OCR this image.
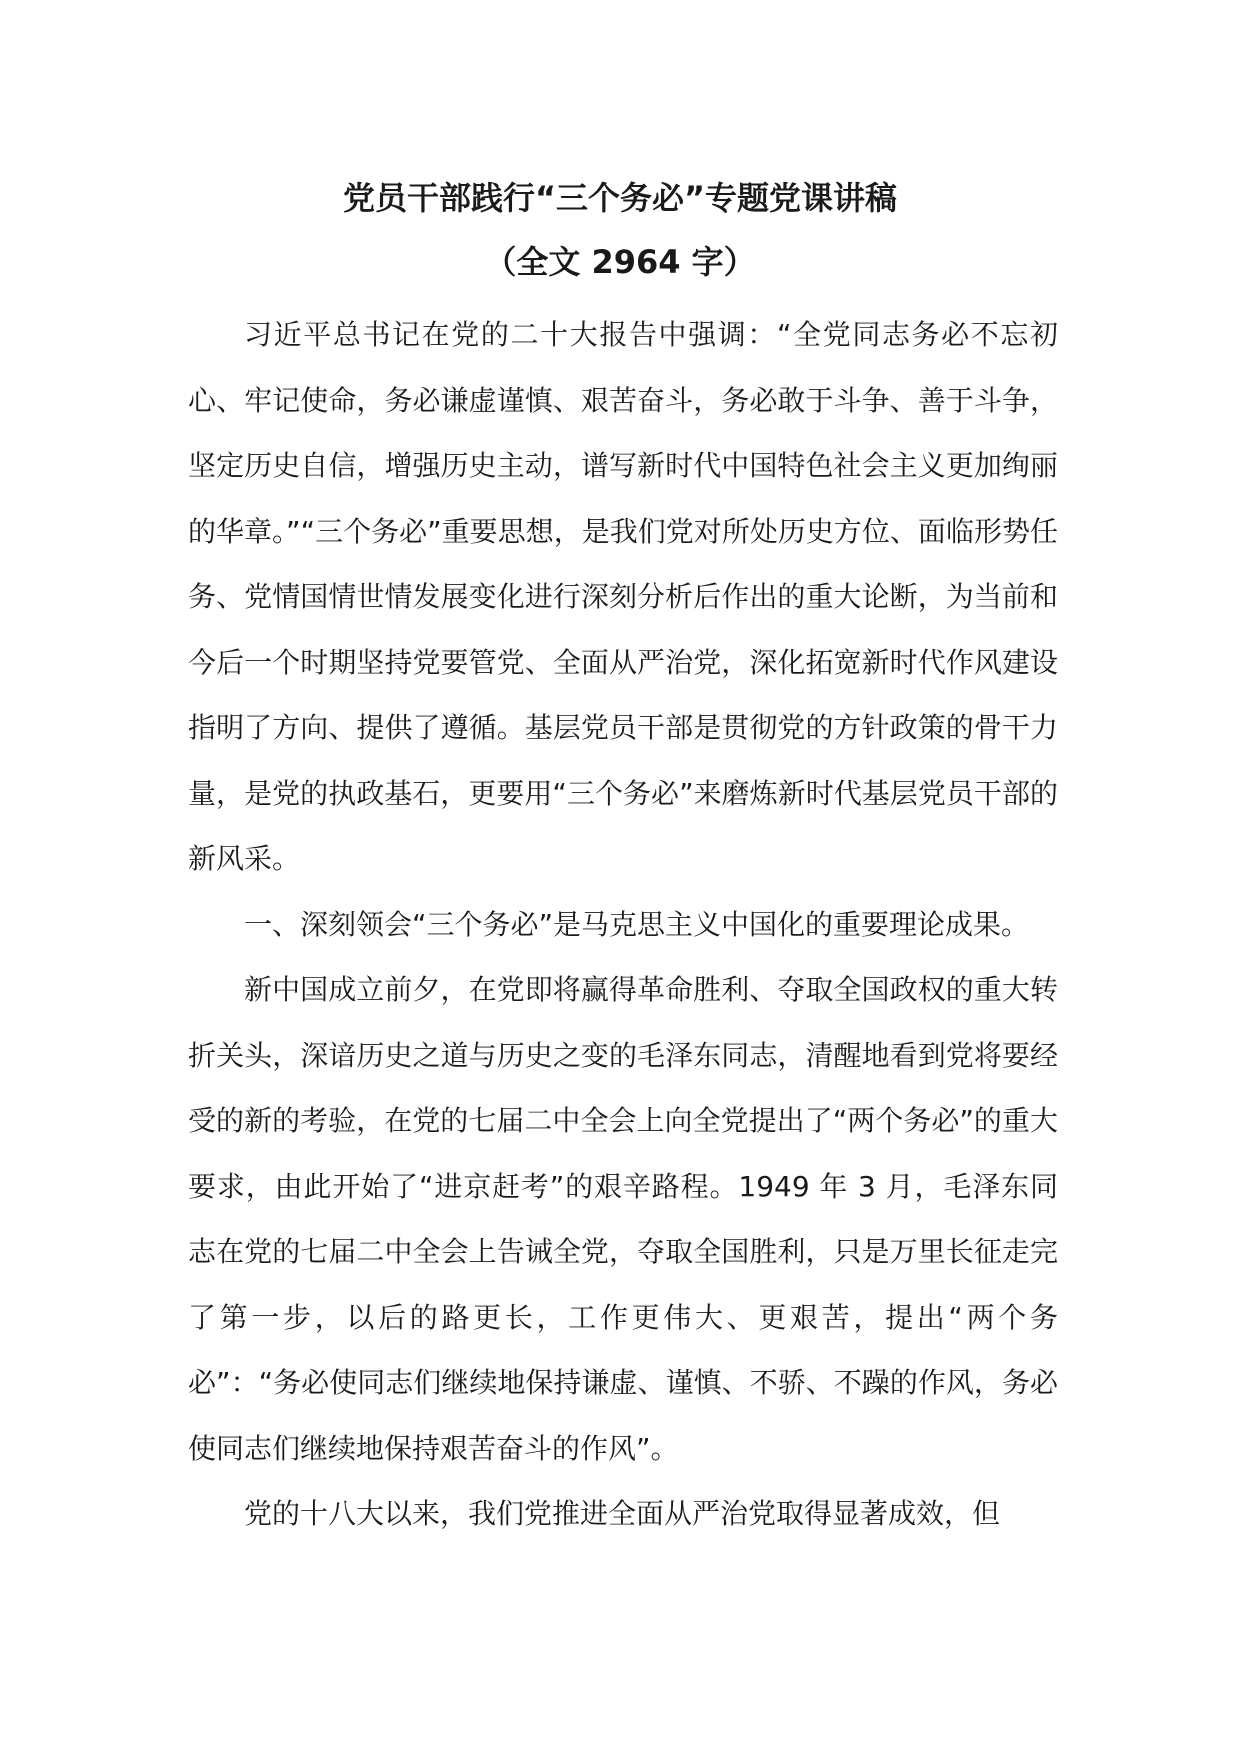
党员干部践行“三个务必”专题党课讲稿
（全文 2964 字）

习近平总书记在党的二十大报告中强调：“全党同志务必不忘初心、牢记使命，务必谦虚谨慎、艰苦奋斗，务必敢于斗争、善于斗争，坚定历史自信，增强历史主动，谱写新时代中国特色社会主义更加绚丽的华章。”“三个务必”重要思想，是我们党对所处历史方位、面临形势任务、党情国情世情发展变化进行深刻分析后作出的重大论断，为当前和今后一个时期坚持党要管党、全面从严治党，深化拓宽新时代作风建设指明了方向、提供了遵循。基层党员干部是贯彻党的方针政策的骨干力量，是党的执政基石，更要用“三个务必”来磨炼新时代基层党员干部的新风采。

一、深刻领会“三个务必”是马克思主义中国化的重要理论成果。

新中国成立前夕，在党即将赢得革命胜利、夺取全国政权的重大转折关头，深谙历史之道与历史之变的毛泽东同志，清醒地看到党将要经受的新的考验，在党的七届二中全会上向全党提出了“两个务必”的重大要求，由此开始了“进京赶考”的艰辛路程。1949 年 3 月，毛泽东同志在党的七届二中全会上告诫全党，夺取全国胜利，只是万里长征走完了第一步，以后的路更长，工作更伟大、更艰苦，提出“两个务必”：“务必使同志们继续地保持谦虚、谨慎、不骄、不躁的作风，务必使同志们继续地保持艰苦奋斗的作风”。

党的十八大以来，我们党推进全面从严治党取得显著成效，但
